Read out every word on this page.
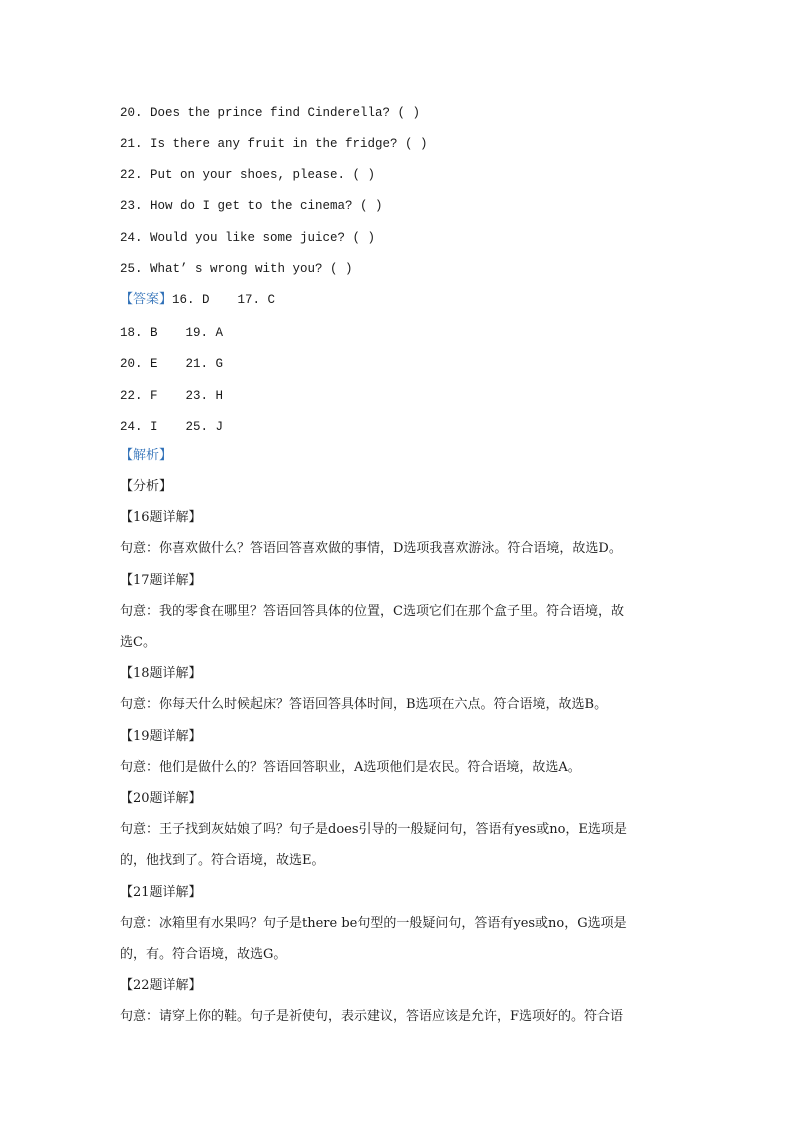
20. Does the prince find Cinderella? ( )
21. Is there any fruit in the fridge? ( )
22. Put on your shoes, please. ( )
23. How do I get to the cinema? ( )
24. Would you like some juice? ( )
25. What’ s wrong with you? ( )
【答案】16. D 17. C
18. B 19. A
20. E 21. G
22. F 23. H
24. I 25. J
【解析】
【分析】
【16题详解】
句意：你喜欢做什么？答语回答喜欢做的事情，D选项我喜欢游泳。符合语境，故选D。
【17题详解】
句意：我的零食在哪里？答语回答具体的位置，C选项它们在那个盒子里。符合语境，故
选C。
【18题详解】
句意：你每天什么时候起床？答语回答具体时间，B选项在六点。符合语境，故选B。
【19题详解】
句意：他们是做什么的？答语回答职业，A选项他们是农民。符合语境，故选A。
【20题详解】
句意：王子找到灰姑娘了吗？句子是does引导的一般疑问句，答语有yes或no，E选项是
的，他找到了。符合语境，故选E。
【21题详解】
句意：冰箱里有水果吗？句子是there be句型的一般疑问句，答语有yes或no，G选项是
的，有。符合语境，故选G。
【22题详解】
句意：请穿上你的鞋。句子是祈使句，表示建议，答语应该是允许，F选项好的。符合语
